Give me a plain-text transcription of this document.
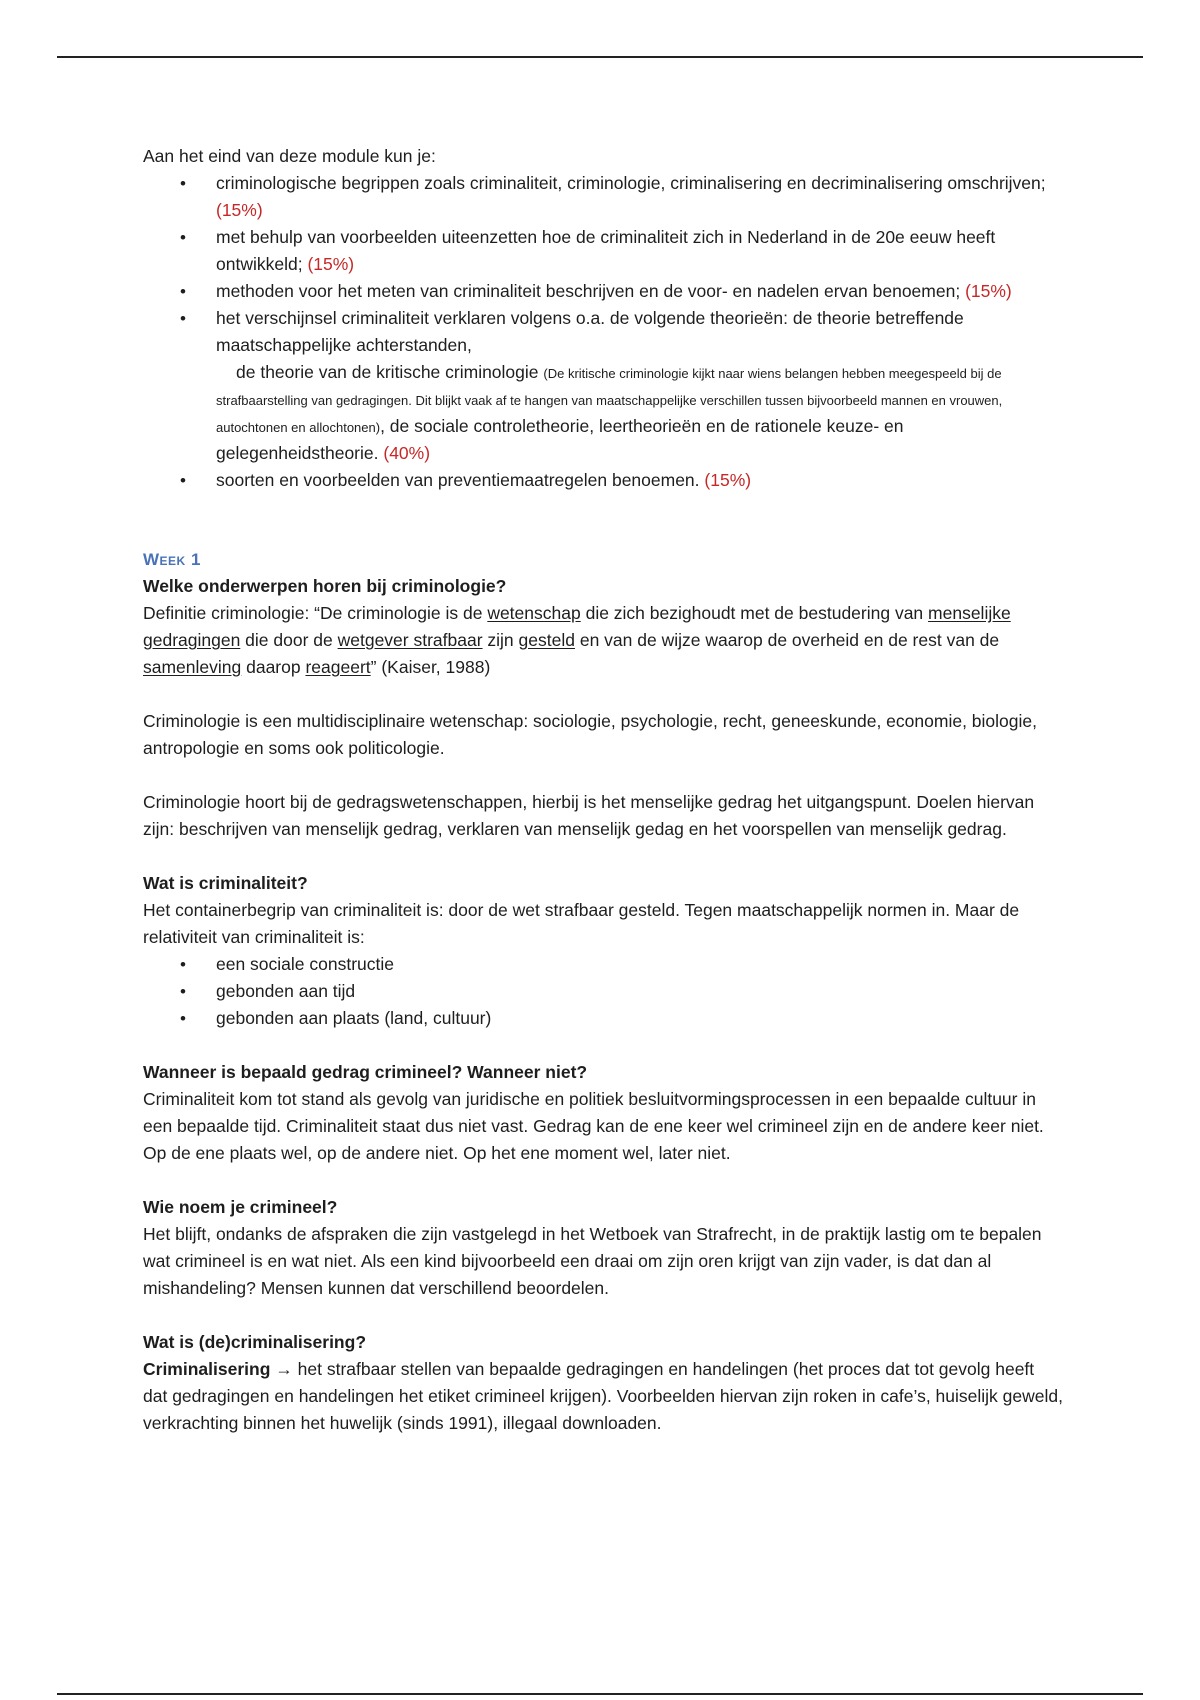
Aan het eind van deze module kun je:

• criminologische begrippen zoals criminaliteit, criminologie, criminalisering en decriminalisering omschrijven; (15%)
• met behulp van voorbeelden uiteenzetten hoe de criminaliteit zich in Nederland in de 20e eeuw heeft ontwikkeld; (15%)
• methoden voor het meten van criminaliteit beschrijven en de voor- en nadelen ervan benoemen; (15%)
• het verschijnsel criminaliteit verklaren volgens o.a. de volgende theorieën: de theorie betreffende maatschappelijke achterstanden,
de theorie van de kritische criminologie (De kritische criminologie kijkt naar wiens belangen hebben meegespeeld bij de strafbaarstelling van gedragingen. Dit blijkt vaak af te hangen van maatschappelijke verschillen tussen bijvoorbeeld mannen en vrouwen, autochtonen en allochtonen), de sociale controletheorie, leertheorieën en de rationele keuze- en gelegenheidstheorie. (40%)
• soorten en voorbeelden van preventiemaatregelen benoemen. (15%)
Week 1
Welke onderwerpen horen bij criminologie?

Definitie criminologie: “De criminologie is de wetenschap die zich bezighoudt met de bestudering van menselijke gedragingen die door de wetgever strafbaar zijn gesteld en van de wijze waarop de overheid en de rest van de samenleving daarop reageert” (Kaiser, 1988)

Criminologie is een multidisciplinaire wetenschap: sociologie, psychologie, recht, geneeskunde, economie, biologie, antropologie en soms ook politicologie.

Criminologie hoort bij de gedragswetenschappen, hierbij is het menselijke gedrag het uitgangspunt. Doelen hiervan zijn: beschrijven van menselijk gedrag, verklaren van menselijk gedag en het voorspellen van menselijk gedrag.

Wat is criminaliteit?

Het containerbegrip van criminaliteit is: door de wet strafbaar gesteld. Tegen maatschappelijk normen in. Maar de relativiteit van criminaliteit is:

• een sociale constructie
• gebonden aan tijd
• gebonden aan plaats (land, cultuur)
Wanneer is bepaald gedrag crimineel? Wanneer niet?

Criminaliteit kom tot stand als gevolg van juridische en politiek besluitvormingsprocessen in een bepaalde cultuur in een bepaalde tijd. Criminaliteit staat dus niet vast. Gedrag kan de ene keer wel crimineel zijn en de andere keer niet. Op de ene plaats wel, op de andere niet. Op het ene moment wel, later niet.

Wie noem je crimineel?

Het blijft, ondanks de afspraken die zijn vastgelegd in het Wetboek van Strafrecht, in de praktijk lastig om te bepalen wat crimineel is en wat niet. Als een kind bijvoorbeeld een draai om zijn oren krijgt van zijn vader, is dat dan al mishandeling? Mensen kunnen dat verschillend beoordelen.

Wat is (de)criminalisering?

Criminalisering → het strafbaar stellen van bepaalde gedragingen en handelingen (het proces dat tot gevolg heeft dat gedragingen en handelingen het etiket crimineel krijgen). Voorbeelden hiervan zijn roken in cafe’s, huiselijk geweld, verkrachting binnen het huwelijk (sinds 1991), illegaal downloaden.
